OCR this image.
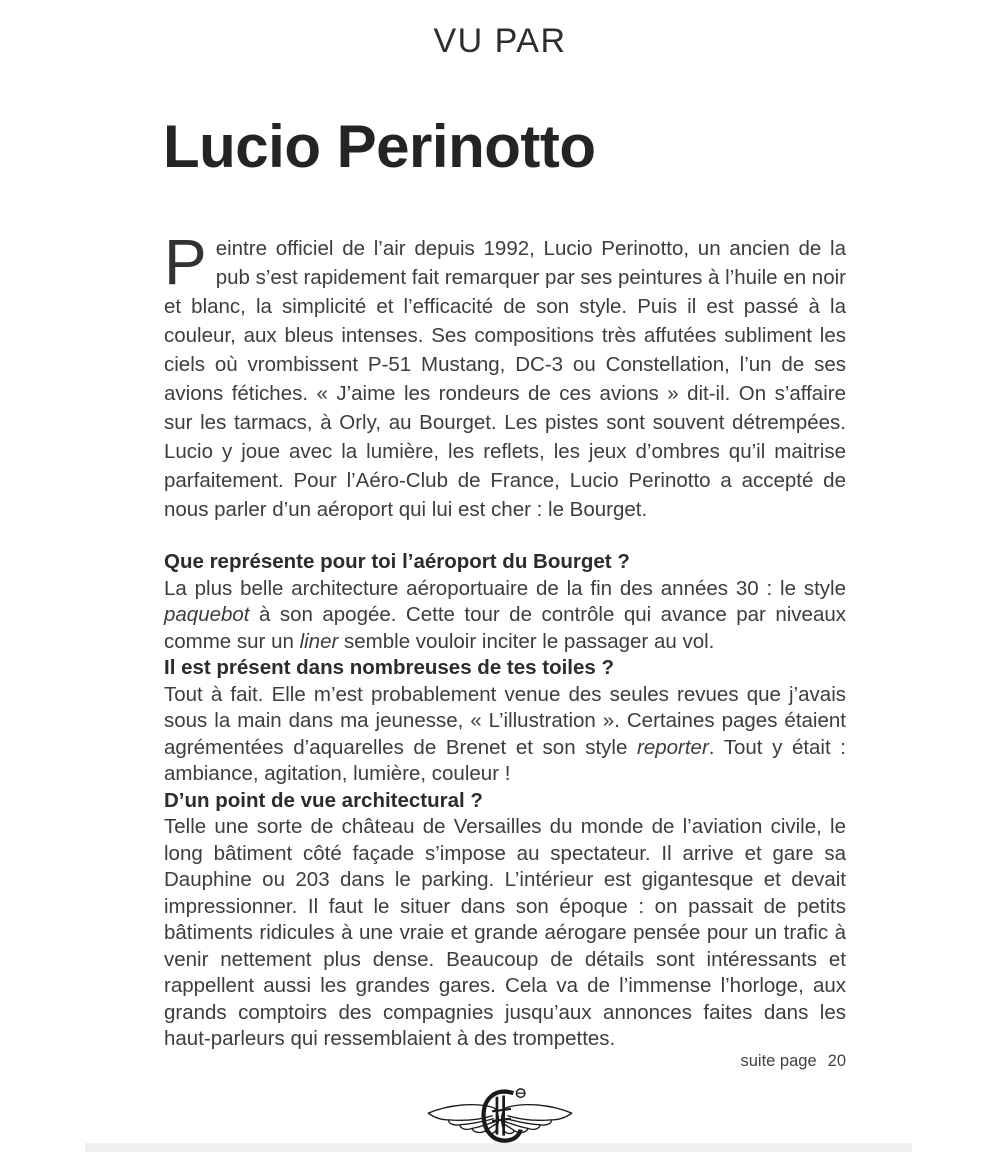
VU PAR
Lucio Perinotto
Peintre officiel de l’air depuis 1992, Lucio Perinotto, un ancien de la pub s’est rapidement fait remarquer par ses peintures à l’huile en noir et blanc, la simplicité et l’efficacité de son style. Puis il est passé à la couleur, aux bleus intenses. Ses compositions très affutées subliment les ciels où vrombissent P-51 Mustang, DC-3 ou Constellation, l’un de ses avions fétiches. « J’aime les rondeurs de ces avions » dit-il. On s’affaire sur les tarmacs, à Orly, au Bourget. Les pistes sont souvent détrempées. Lucio y joue avec la lumière, les reflets, les jeux d’ombres qu’il maitrise parfaitement. Pour l’Aéro-Club de France, Lucio Perinotto a accepté de nous parler d’un aéroport qui lui est cher : le Bourget.

Que représente pour toi l’aéroport du Bourget ?

La plus belle architecture aéroportuaire de la fin des années 30 : le style paquebot à son apogée. Cette tour de contrôle qui avance par niveaux comme sur un liner semble vouloir inciter le passager au vol.

Il est présent dans nombreuses de tes toiles ?

Tout à fait. Elle m’est probablement venue des seules revues que j’avais sous la main dans ma jeunesse, « L’illustration ». Certaines pages étaient agrémentées d’aquarelles de Brenet et son style reporter. Tout y était : ambiance, agitation, lumière, couleur !

D’un point de vue architectural ?

Telle une sorte de château de Versailles du monde de l’aviation civile, le long bâtiment côté façade s’impose au spectateur. Il arrive et gare sa Dauphine ou 203 dans le parking. L’intérieur est gigantesque et devait impressionner. Il faut le situer dans son époque : on passait de petits bâtiments ridicules à une vraie et grande aérogare pensée pour un trafic à venir nettement plus dense. Beaucoup de détails sont intéressants et rappellent aussi les grandes gares. Cela va de l’immense l’horloge, aux grands comptoirs des compagnies jusqu’aux annonces faites dans les haut-parleurs qui ressemblaient à des trompettes.

suite page 20
